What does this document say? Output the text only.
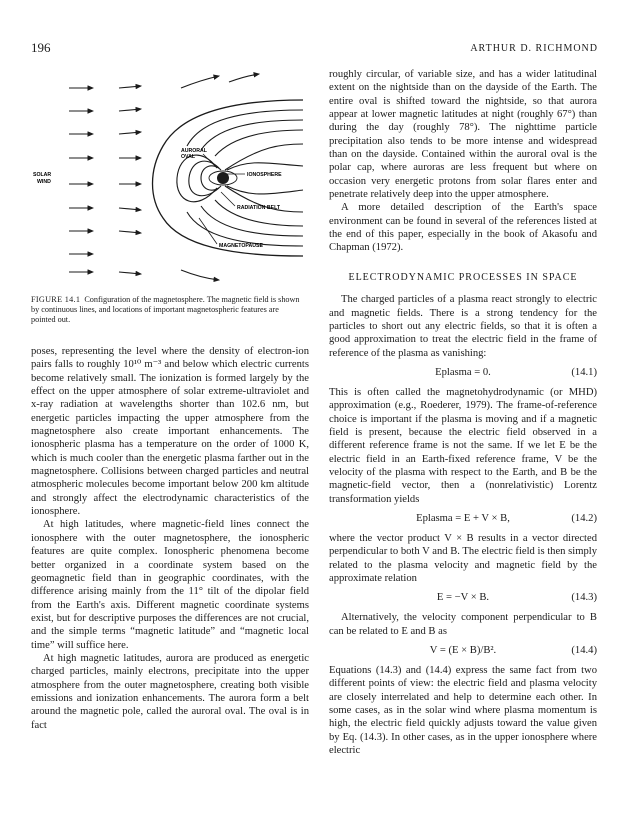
196	ARTHUR D. RICHMOND
SOLAR
WIND
AURORAL
OVAL
IONOSPHERE
RADIATION BELT
MAGNETOPAUSE
FIGURE 14.1 Configuration of the magnetosphere. The magnetic field is shown by continuous lines, and locations of important magnetospheric features are pointed out.

poses, representing the level where the density of electron-ion pairs falls to roughly 10¹⁰ m⁻³ and below which electric currents become relatively small. The ionization is formed largely by the effect on the upper atmosphere of solar extreme-ultraviolet and x-ray radiation at wavelengths shorter than 102.6 nm, but energetic particles impacting the upper atmosphere from the magnetosphere also create important enhancements. The ionospheric plasma has a temperature on the order of 1000 K, which is much cooler than the energetic plasma farther out in the magnetosphere. Collisions between charged particles and neutral atmospheric molecules become important below 200 km altitude and strongly affect the electrodynamic characteristics of the ionosphere.

At high latitudes, where magnetic-field lines connect the ionosphere with the outer magnetosphere, the ionospheric features are quite complex. Ionospheric phenomena become better organized in a coordinate system based on the geomagnetic field than in geographic coordinates, with the difference arising mainly from the 11° tilt of the dipolar field from the Earth's axis. Different magnetic coordinate systems exist, but for descriptive purposes the differences are not crucial, and the simple terms “magnetic latitude” and “magnetic local time” will suffice here.

At high magnetic latitudes, aurora are produced as energetic charged particles, mainly electrons, precipitate into the upper atmosphere from the outer magnetosphere, creating both visible emissions and ionization enhancements. The aurora form a belt around the magnetic pole, called the auroral oval. The oval is in fact

roughly circular, of variable size, and has a wider latitudinal extent on the nightside than on the dayside of the Earth. The entire oval is shifted toward the nightside, so that aurora appear at lower magnetic latitudes at night (roughly 67°) than during the day (roughly 78°). The nighttime particle precipitation also tends to be more intense and widespread than on the dayside. Contained within the auroral oval is the polar cap, where auroras are less frequent but where on occasion very energetic protons from solar flares enter and penetrate relatively deep into the upper atmosphere.

A more detailed description of the Earth's space environment can be found in several of the references listed at the end of this paper, especially in the book of Akasofu and Chapman (1972).

ELECTRODYNAMIC PROCESSES IN SPACE

The charged particles of a plasma react strongly to electric and magnetic fields. There is a strong tendency for the particles to short out any electric fields, so that it is often a good approximation to treat the electric field in the frame of reference of the plasma as vanishing:

Eplasma = 0.	(14.1)

This is often called the magnetohydrodynamic (or MHD) approximation (e.g., Roederer, 1979). The frame-of-reference choice is important if the plasma is moving and if a magnetic field is present, because the electric field observed in a different reference frame is not the same. If we let E be the electric field in an Earth-fixed reference frame, V be the velocity of the plasma with respect to the Earth, and B be the magnetic-field vector, then a (nonrelativistic) Lorentz transformation yields

Eplasma = E + V × B,	(14.2)

where the vector product V × B results in a vector directed perpendicular to both V and B. The electric field is then simply related to the plasma velocity and magnetic field by the approximate relation

E = −V × B.	(14.3)

Alternatively, the velocity component perpendicular to B can be related to E and B as

V = (E × B)/B².	(14.4)

Equations (14.3) and (14.4) express the same fact from two different points of view: the electric field and plasma velocity are closely interrelated and help to determine each other. In some cases, as in the solar wind where plasma momentum is high, the electric field quickly adjusts toward the value given by Eq. (14.3). In other cases, as in the upper ionosphere where electric
